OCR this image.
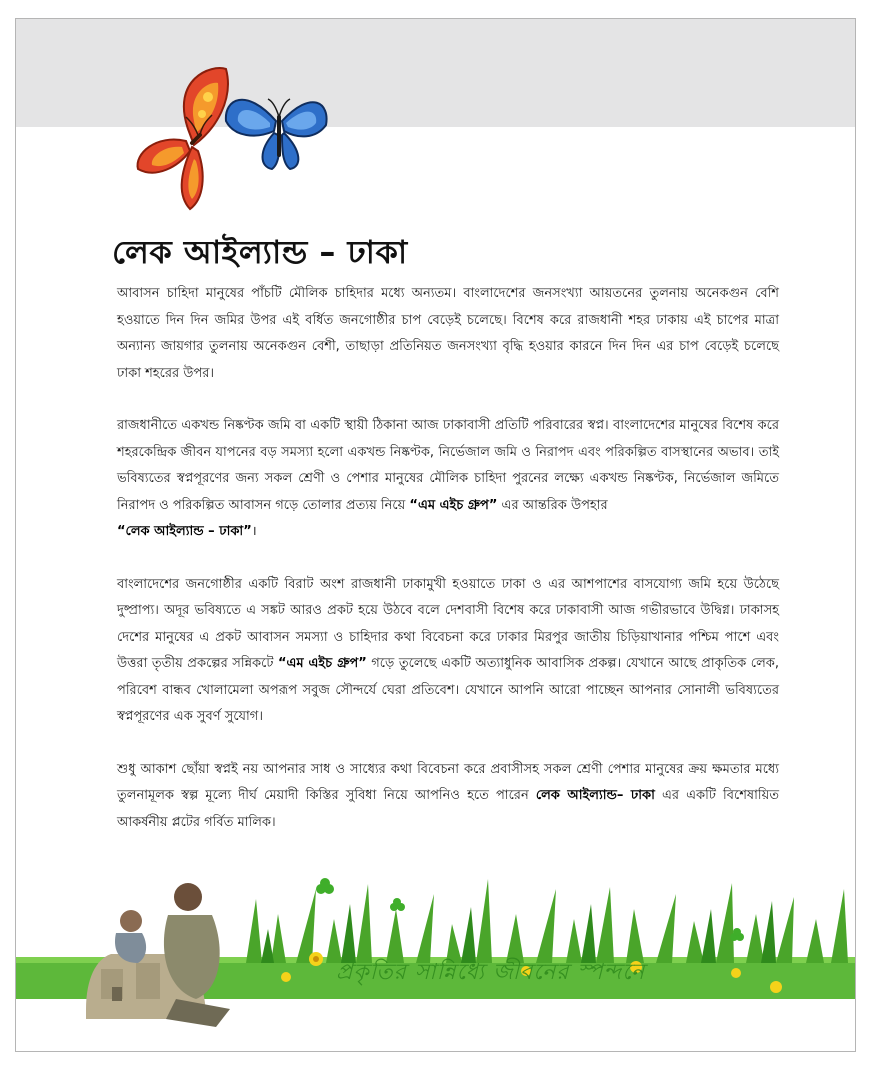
লেক আইল্যান্ড – ঢাকা

আবাসন চাহিদা মানুষের পাঁচটি মৌলিক চাহিদার মধ্যে অন্যতম। বাংলাদেশের জনসংখ্যা আয়তনের তুলনায় অনেকগুন বেশি হওয়াতে দিন দিন জমির উপর এই বর্ধিত জনগোষ্ঠীর চাপ বেড়েই চলেছে। বিশেষ করে রাজধানী শহর ঢাকায় এই চাপের মাত্রা অন্যান্য জায়গার তুলনায় অনেকগুন বেশী, তাছাড়া প্রতিনিয়ত জনসংখ্যা বৃদ্ধি হওয়ার কারনে দিন দিন এর চাপ বেড়েই চলেছে ঢাকা শহরের উপর।

রাজধানীতে একখন্ড নিষ্কণ্টক জমি বা একটি স্থায়ী ঠিকানা আজ ঢাকাবাসী প্রতিটি পরিবারের স্বপ্ন। বাংলাদেশের মানুষের বিশেষ করে শহরকেন্দ্রিক জীবন যাপনের বড় সমস্যা হলো একখন্ড নিষ্কণ্টক, নির্ভেজাল জমি ও নিরাপদ এবং পরিকল্পিত বাসস্থানের অভাব। তাই ভবিষ্যতের স্বপ্নপূরণের জন্য সকল শ্রেণী ও পেশার মানুষের মৌলিক চাহিদা পুরনের লক্ষ্যে একখন্ড নিষ্কণ্টক, নির্ভেজাল জমিতে নিরাপদ ও পরিকল্পিত আবাসন গড়ে তোলার প্রত্যয় নিয়ে “এম এইচ গ্রুপ” এর আন্তরিক উপহার
“লেক আইল্যান্ড – ঢাকা”।

বাংলাদেশের জনগোষ্ঠীর একটি বিরাট অংশ রাজধানী ঢাকামুখী হওয়াতে ঢাকা ও এর আশপাশের বাসযোগ্য জমি হয়ে উঠেছে দুষ্প্রাপ্য। অদূর ভবিষ্যতে এ সঙ্কট আরও প্রকট হয়ে উঠবে বলে দেশবাসী বিশেষ করে ঢাকাবাসী আজ গভীরভাবে উদ্বিগ্ন। ঢাকাসহ দেশের মানুষের এ প্রকট আবাসন সমস্যা ও চাহিদার কথা বিবেচনা করে ঢাকার মিরপুর জাতীয় চিড়িয়াখানার পশ্চিম পাশে এবং উত্তরা তৃতীয় প্রকল্পের সন্নিকটে “এম এইচ গ্রুপ” গড়ে তুলেছে একটি অত্যাধুনিক আবাসিক প্রকল্প। যেখানে আছে প্রাকৃতিক লেক, পরিবেশ বান্ধব খোলামেলা অপরূপ সবুজ সৌন্দর্যে ঘেরা প্রতিবেশ। যেখানে আপনি আরো পাচ্ছেন আপনার সোনালী ভবিষ্যতের স্বপ্নপূরণের এক সুবর্ণ সুযোগ।

শুধু আকাশ ছোঁয়া স্বপ্নই নয় আপনার সাধ ও সাধ্যের কথা বিবেচনা করে প্রবাসীসহ সকল শ্রেণী পেশার মানুষের ক্রয় ক্ষমতার মধ্যে তুলনামূলক স্বল্প মূল্যে দীর্ঘ মেয়াদী কিস্তির সুবিধা নিয়ে আপনিও হতে পারেন লেক আইল্যান্ড– ঢাকা এর একটি বিশেষায়িত আকর্ষনীয় প্লটের গর্বিত মালিক।

প্রকৃতির সান্নিধ্যে জীবনের স্পন্দনে
